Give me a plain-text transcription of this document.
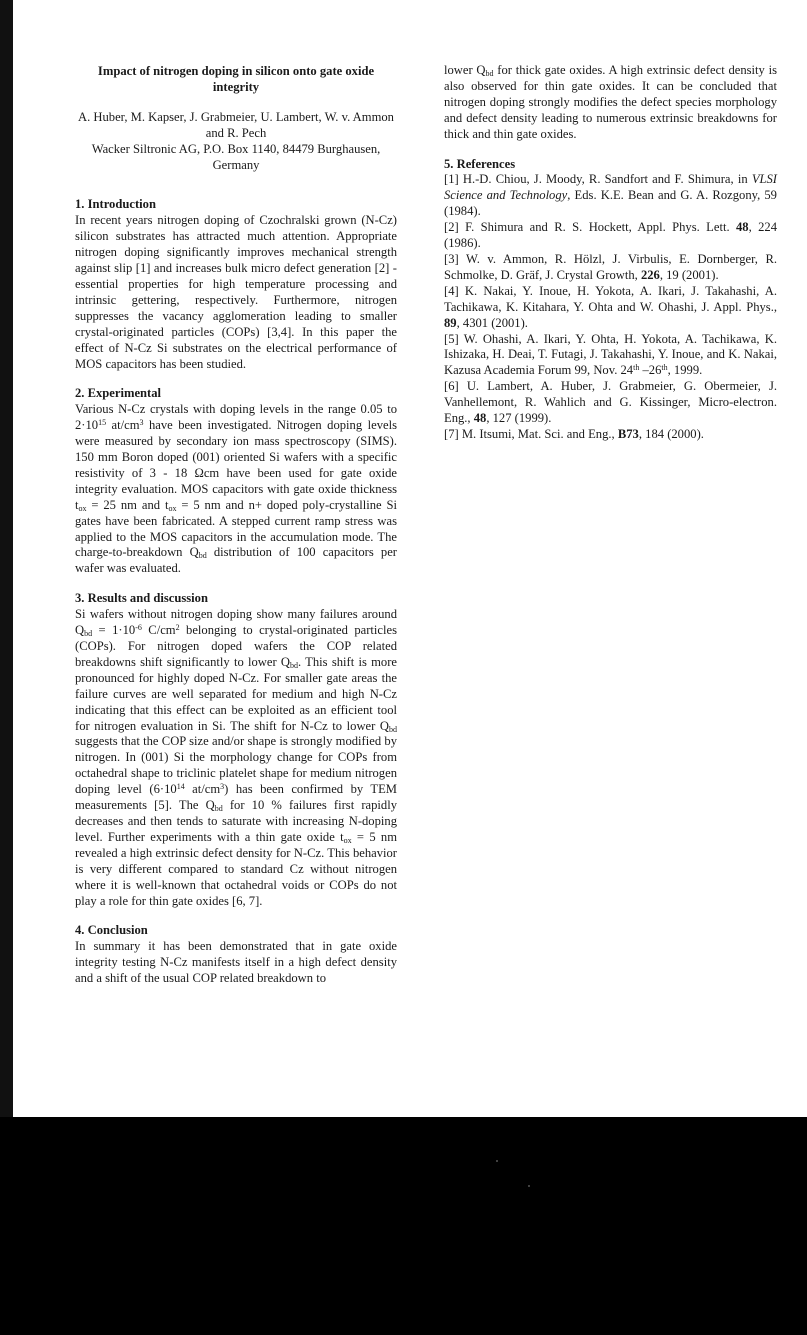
Impact of nitrogen doping in silicon onto gate oxide integrity

A. Huber, M. Kapser, J. Grabmeier, U. Lambert, W. v. Ammon and R. Pech

Wacker Siltronic AG, P.O. Box 1140, 84479 Burghausen, Germany

1. Introduction

In recent years nitrogen doping of Czochralski grown (N-Cz) silicon substrates has attracted much attention. Appropriate nitrogen doping significantly improves mechanical strength against slip [1] and increases bulk micro defect generation [2] - essential properties for high temperature processing and intrinsic gettering, respectively. Furthermore, nitrogen suppresses the vacancy agglomeration leading to smaller crystal-originated particles (COPs) [3,4]. In this paper the effect of N-Cz Si substrates on the electrical performance of MOS capacitors has been studied.

2. Experimental

Various N-Cz crystals with doping levels in the range 0.05 to $2\cdot 10^{15}$ $at/cm^3$ have been investigated. Nitrogen doping levels were measured by secondary ion mass spectroscopy (SIMS). 150 mm Boron doped (001) oriented Si wafers with a specific resistivity of 3 - 18 Ωcm have been used for gate oxide integrity evaluation. MOS capacitors with gate oxide thickness $t_{ox} = 25$ nm and $t_{ox} = 5$ nm and n+ doped poly-crystalline Si gates have been fabricated. A stepped current ramp stress was applied to the MOS capacitors in the accumulation mode. The charge-to-breakdown $Q_{bd}$ distribution of 100 capacitors per wafer was evaluated.

3. Results and discussion

Si wafers without nitrogen doping show many failures around $Q_{bd} = 1\cdot 10^{-6}$ $C/cm^2$ belonging to crystal-originated particles (COPs). For nitrogen doped wafers the COP related breakdowns shift significantly to lower $Q_{bd}$. This shift is more pronounced for highly doped N-Cz. For smaller gate areas the failure curves are well separated for medium and high N-Cz indicating that this effect can be exploited as an efficient tool for nitrogen evaluation in Si. The shift for N-Cz to lower $Q_{bd}$ suggests that the COP size and/or shape is strongly modified by nitrogen. In (001) Si the morphology change for COPs from octahedral shape to triclinic platelet shape for medium nitrogen doping level ($6\cdot 10^{14}$ $at/cm^3$) has been confirmed by TEM measurements [5]. The $Q_{bd}$ for 10 % failures first rapidly decreases and then tends to saturate with increasing N-doping level. Further experiments with a thin gate oxide $t_{ox} = 5$ nm revealed a high extrinsic defect density for N-Cz. This behavior is very different compared to standard Cz without nitrogen where it is well-known that octahedral voids or COPs do not play a role for thin gate oxides [6, 7].

4. Conclusion

In summary it has been demonstrated that in gate oxide integrity testing N-Cz manifests itself in a high defect density and a shift of the usual COP related breakdown to

lower $Q_{bd}$ for thick gate oxides. A high extrinsic defect density is also observed for thin gate oxides. It can be concluded that nitrogen doping strongly modifies the defect species morphology and defect density leading to numerous extrinsic breakdowns for thick and thin gate oxides.

5. References

[1] H.-D. Chiou, J. Moody, R. Sandfort and F. Shimura, in VLSI Science and Technology, Eds. K.E. Bean and G. A. Rozgony, 59 (1984).

[2] F. Shimura and R. S. Hockett, Appl. Phys. Lett. 48, 224 (1986).

[3] W. v. Ammon, R. Hölzl, J. Virbulis, E. Dornberger, R. Schmolke, D. Gräf, J. Crystal Growth, 226, 19 (2001).

[4] K. Nakai, Y. Inoue, H. Yokota, A. Ikari, J. Takahashi, A. Tachikawa, K. Kitahara, Y. Ohta and W. Ohashi, J. Appl. Phys., 89, 4301 (2001).

[5] W. Ohashi, A. Ikari, Y. Ohta, H. Yokota, A. Tachikawa, K. Ishizaka, H. Deai, T. Futagi, J. Takahashi, Y. Inoue, and K. Nakai, Kazusa Academia Forum 99, Nov. 24th –26th, 1999.

[6] U. Lambert, A. Huber, J. Grabmeier, G. Obermeier, J. Vanhellemont, R. Wahlich and G. Kissinger, Micro-electron. Eng., 48, 127 (1999).

[7] M. Itsumi, Mat. Sci. and Eng., B73, 184 (2000).
